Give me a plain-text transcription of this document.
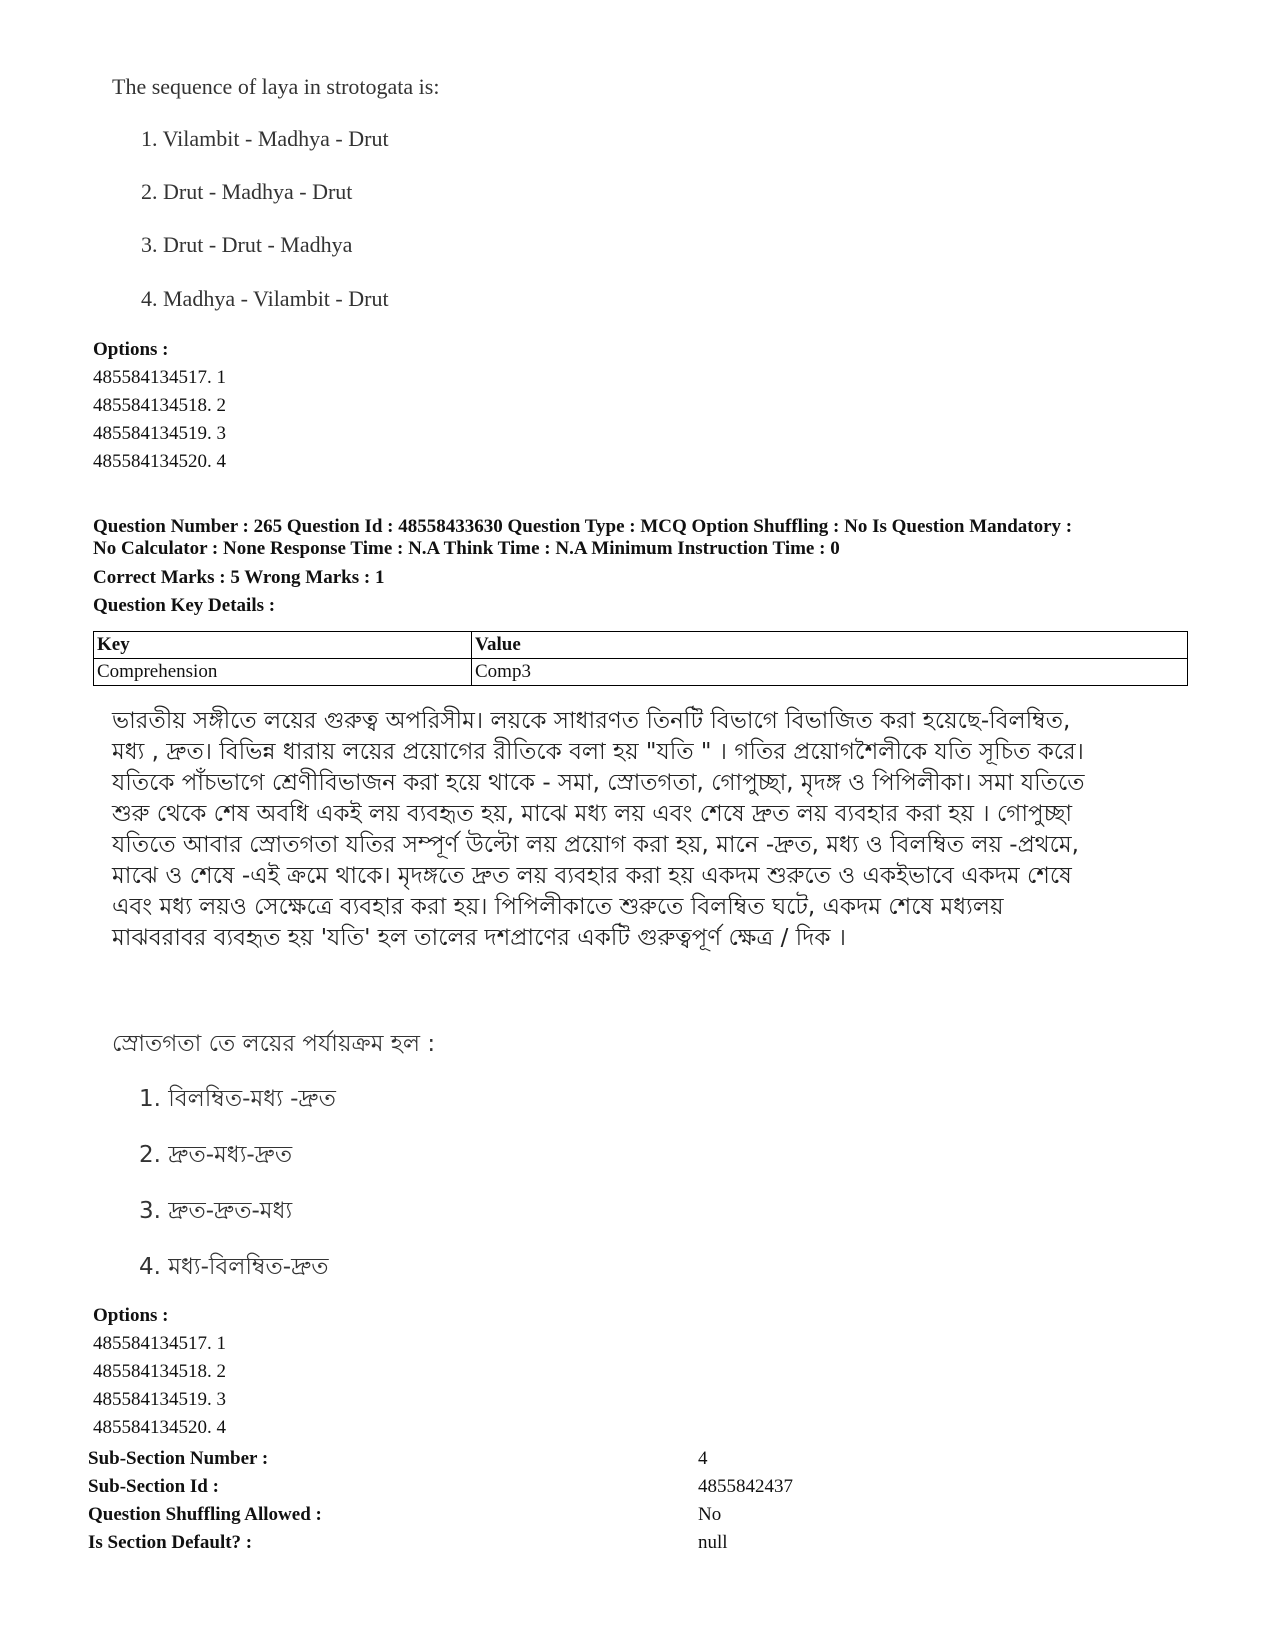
The sequence of laya in strotogata is:
1. Vilambit - Madhya - Drut
2. Drut - Madhya - Drut
3. Drut - Drut - Madhya
4. Madhya - Vilambit - Drut
Options :
485584134517. 1
485584134518. 2
485584134519. 3
485584134520. 4
Question Number : 265 Question Id : 48558433630 Question Type : MCQ Option Shuffling : No Is Question Mandatory :
No Calculator : None Response Time : N.A Think Time : N.A Minimum Instruction Time : 0
Correct Marks : 5 Wrong Marks : 1
Question Key Details :
Key	Value
Comprehension	Comp3

ভারতীয় সঙ্গীতে লয়ের গুরুত্ব অপরিসীম। লয়কে সাধারণত তিনটি বিভাগে বিভাজিত করা হয়েছে-বিলম্বিত,

মধ্য , দ্রুত। বিভিন্ন ধারায় লয়ের প্রয়োগের রীতিকে বলা হয় "যতি " । গতির প্রয়োগশৈলীকে যতি সূচিত করে।

যতিকে পাঁচভাগে শ্রেণীবিভাজন করা হয়ে থাকে - সমা, স্রোতগতা, গোপুচ্ছা, মৃদঙ্গ ও পিপিলীকা। সমা যতিতে

শুরু থেকে শেষ অবধি একই লয় ব্যবহৃত হয়, মাঝে মধ্য লয় এবং শেষে দ্রুত লয় ব্যবহার করা হয় । গোপুচ্ছা

যতিতে আবার স্রোতগতা যতির সম্পূর্ণ উল্টো লয় প্রয়োগ করা হয়, মানে -দ্রুত, মধ্য ও বিলম্বিত লয় -প্রথমে,

মাঝে ও শেষে -এই ক্রমে থাকে। মৃদঙ্গতে দ্রুত লয় ব্যবহার করা হয় একদম শুরুতে ও একইভাবে একদম শেষে

এবং মধ্য লয়ও সেক্ষেত্রে ব্যবহার করা হয়। পিপিলীকাতে শুরুতে বিলম্বিত ঘটে, একদম শেষে মধ্যলয়

মাঝবরাবর ব্যবহৃত হয় 'যতি' হল তালের দশপ্রাণের একটি গুরুত্বপূর্ণ ক্ষেত্র / দিক ।

স্রোতগতা তে লয়ের পর্যায়ক্রম হল :
1. বিলম্বিত-মধ্য -দ্রুত
2. দ্রুত-মধ্য-দ্রুত
3. দ্রুত-দ্রুত-মধ্য
4. মধ্য-বিলম্বিত-দ্রুত
Options :
485584134517. 1
485584134518. 2
485584134519. 3
485584134520. 4
Sub-Section Number :	4
Sub-Section Id :	4855842437
Question Shuffling Allowed :	No
Is Section Default? :	null
